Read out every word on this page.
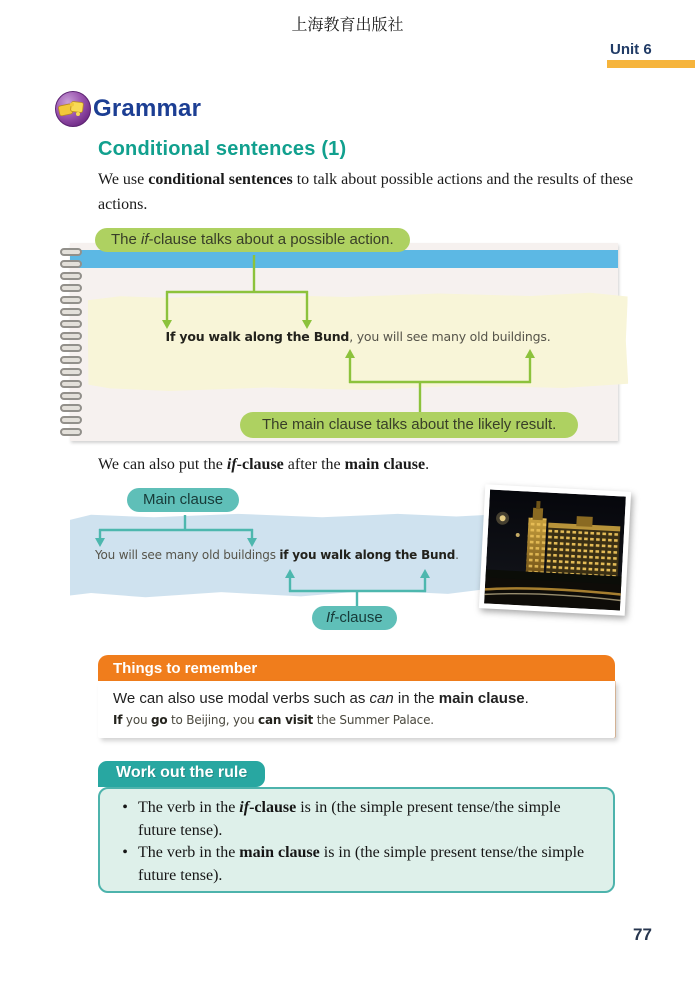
上海教育出版社
Unit 6
Grammar
Conditional sentences (1)

We use conditional sentences to talk about possible actions and the results of these actions.

If you walk along the Bund, you will see many old buildings.
The if-clause talks about a possible action.
The main clause talks about the likely result.

We can also put the if-clause after the main clause.

Main clause
You will see many old buildings if you walk along the Bund.
If-clause
Things to remember

We can also use modal verbs such as can in the main clause.

If you go to Beijing, you can visit the Summer Palace.

Work out the rule
• The verb in the if-clause is in (the simple present tense/the simple future tense).

• The verb in the main clause is in (the simple present tense/the simple future tense).

77
